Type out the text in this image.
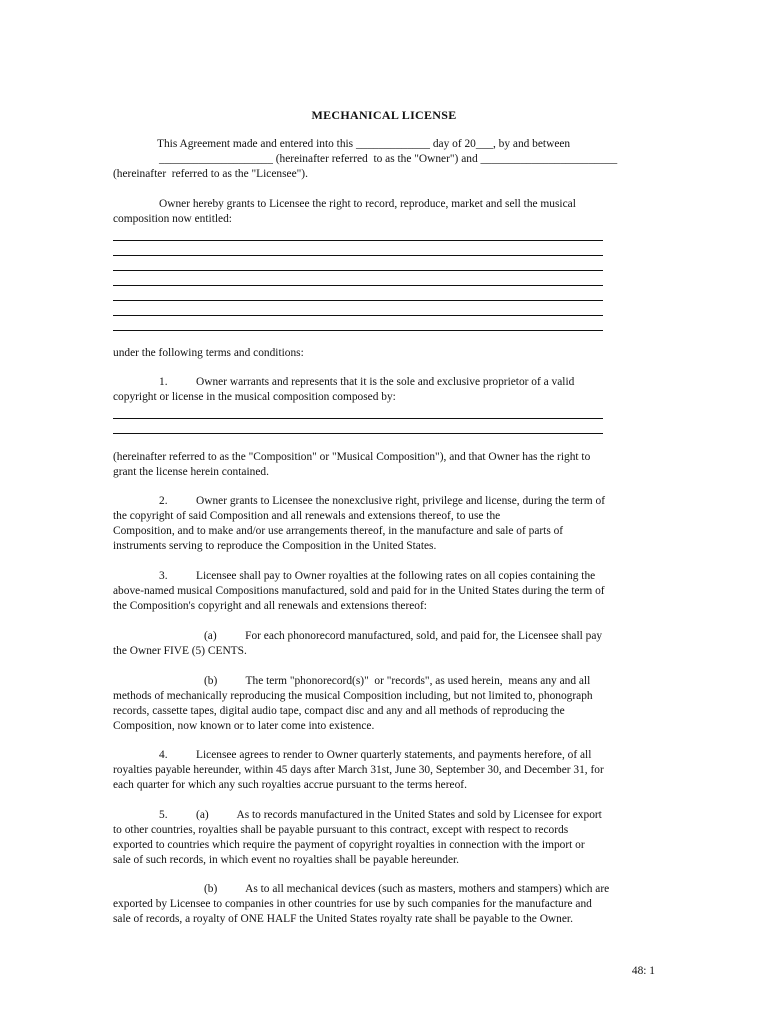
MECHANICAL LICENSE
This Agreement made and entered into this _____________ day of 20___, by and between
____________________ (hereinafter referred  to as the "Owner") and ________________________
(hereinafter  referred to as the "Licensee").
Owner hereby grants to Licensee the right to record, reproduce, market and sell the musical
composition now entitled:
under the following terms and conditions:
1.          Owner warrants and represents that it is the sole and exclusive proprietor of a valid
copyright or license in the musical composition composed by:
(hereinafter referred to as the "Composition" or "Musical Composition"), and that Owner has the right to
grant the license herein contained.
2.          Owner grants to Licensee the nonexclusive right, privilege and license, during the term of
the copyright of said Composition and all renewals and extensions thereof, to use the
Composition, and to make and/or use arrangements thereof, in the manufacture and sale of parts of
instruments serving to reproduce the Composition in the United States.
3.          Licensee shall pay to Owner royalties at the following rates on all copies containing the
above-named musical Compositions manufactured, sold and paid for in the United States during the term of
the Composition's copyright and all renewals and extensions thereof:
(a)          For each phonorecord manufactured, sold, and paid for, the Licensee shall pay
the Owner FIVE (5) CENTS.
(b)          The term "phonorecord(s)"  or "records", as used herein,  means any and all
methods of mechanically reproducing the musical Composition including, but not limited to, phonograph
records, cassette tapes, digital audio tape, compact disc and any and all methods of reproducing the
Composition, now known or to later come into existence.
4.          Licensee agrees to render to Owner quarterly statements, and payments herefore, of all
royalties payable hereunder, within 45 days after March 31st, June 30, September 30, and December 31, for
each quarter for which any such royalties accrue pursuant to the terms hereof.
5.          (a)          As to records manufactured in the United States and sold by Licensee for export
to other countries, royalties shall be payable pursuant to this contract, except with respect to records
exported to countries which require the payment of copyright royalties in connection with the import or
sale of such records, in which event no royalties shall be payable hereunder.
(b)          As to all mechanical devices (such as masters, mothers and stampers) which are
exported by Licensee to companies in other countries for use by such companies for the manufacture and
sale of records, a royalty of ONE HALF the United States royalty rate shall be payable to the Owner.
48: 1
